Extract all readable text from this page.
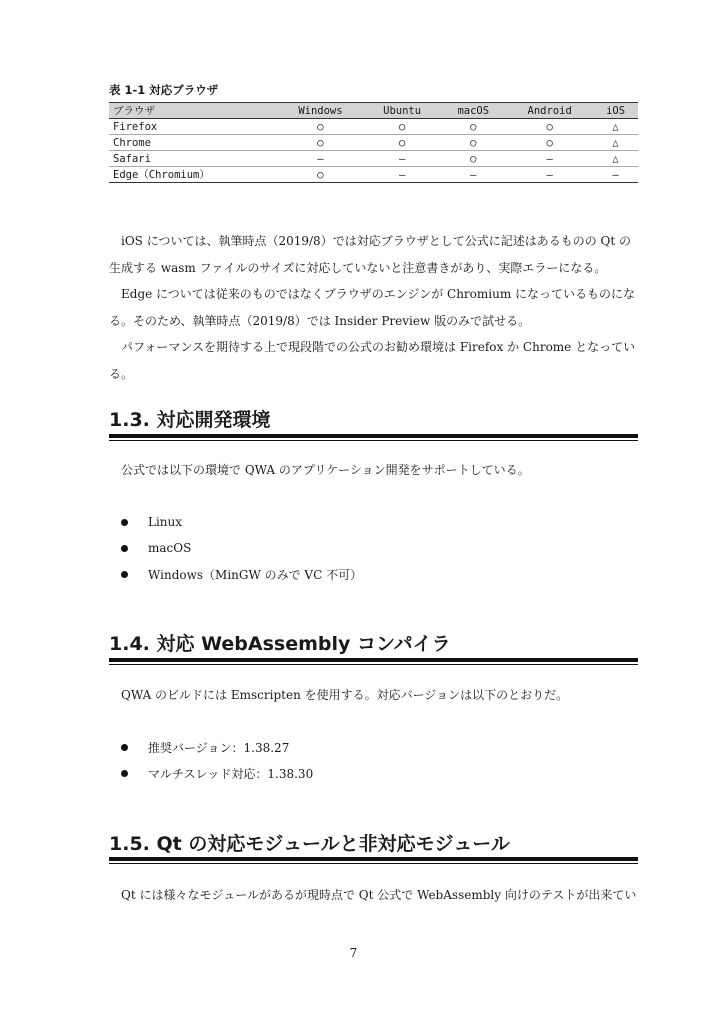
表 1-1 対応ブラウザ
ブラウザ	Windows	Ubuntu	macOS	Android	iOS
Firefox	○	○	○	○	△
Chrome	○	○	○	○	△
Safari	–	–	○	–	△
Edge（Chromium）	○	–	–	–	–

　iOS については、執筆時点（2019/8）では対応ブラウザとして公式に記述はあるものの Qt の生成する wasm ファイルのサイズに対応していないと注意書きがあり、実際エラーになる。

　Edge については従来のものではなくブラウザのエンジンが Chromium になっているものになる。そのため、執筆時点（2019/8）では Insider Preview 版のみで試せる。

　パフォーマンスを期待する上で現段階での公式のお勧め環境は Firefox か Chrome となっている。

1.3. 対応開発環境

　公式では以下の環境で QWA のアプリケーション開発をサポートしている。

Linux
macOS
Windows（MinGW のみで VC 不可）
1.4. 対応 WebAssembly コンパイラ

　QWA のビルドには Emscripten を使用する。対応バージョンは以下のとおりだ。

推奨バージョン：1.38.27
マルチスレッド対応：1.38.30
1.5. Qt の対応モジュールと非対応モジュール

　Qt には様々なモジュールがあるが現時点で Qt 公式で WebAssembly 向けのテストが出来てい

7
